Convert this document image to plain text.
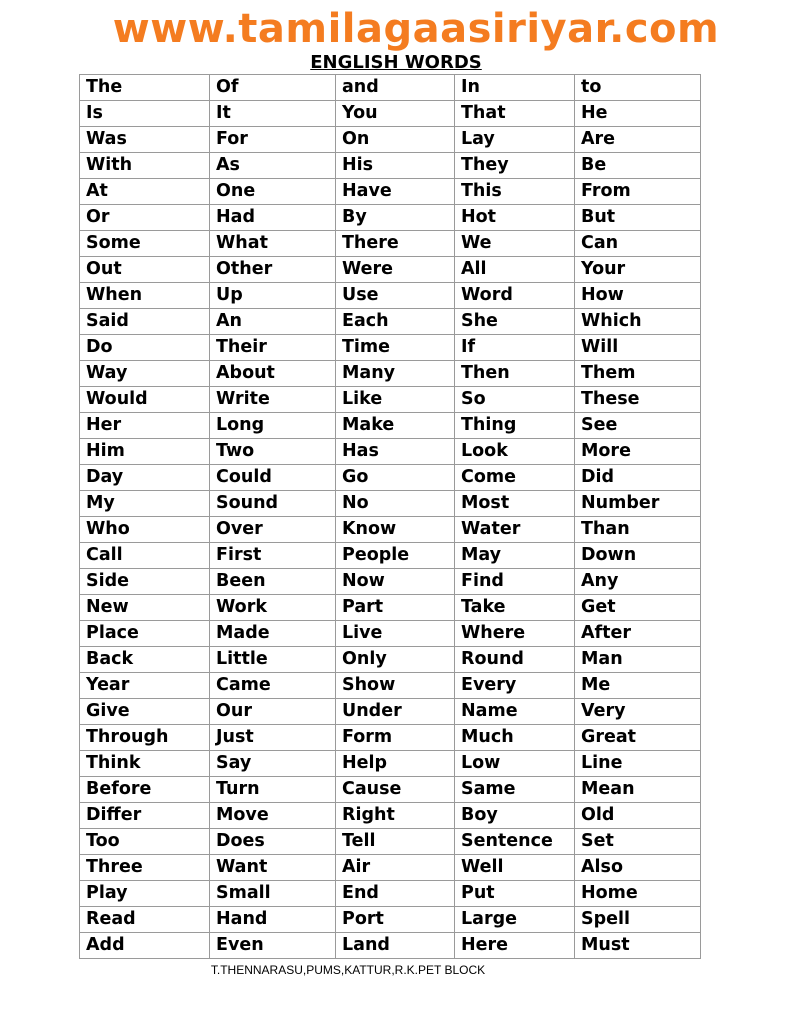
www.tamilagaasiriyar.com
ENGLISH WORDS
The	Of	and	In	to
Is	It	You	That	He
Was	For	On	Lay	Are
With	As	His	They	Be
At	One	Have	This	From
Or	Had	By	Hot	But
Some	What	There	We	Can
Out	Other	Were	All	Your
When	Up	Use	Word	How
Said	An	Each	She	Which
Do	Their	Time	If	Will
Way	About	Many	Then	Them
Would	Write	Like	So	These
Her	Long	Make	Thing	See
Him	Two	Has	Look	More
Day	Could	Go	Come	Did
My	Sound	No	Most	Number
Who	Over	Know	Water	Than
Call	First	People	May	Down
Side	Been	Now	Find	Any
New	Work	Part	Take	Get
Place	Made	Live	Where	After
Back	Little	Only	Round	Man
Year	Came	Show	Every	Me
Give	Our	Under	Name	Very
Through	Just	Form	Much	Great
Think	Say	Help	Low	Line
Before	Turn	Cause	Same	Mean
Differ	Move	Right	Boy	Old
Too	Does	Tell	Sentence	Set
Three	Want	Air	Well	Also
Play	Small	End	Put	Home
Read	Hand	Port	Large	Spell
Add	Even	Land	Here	Must
T.THENNARASU,PUMS,KATTUR,R.K.PET BLOCK
